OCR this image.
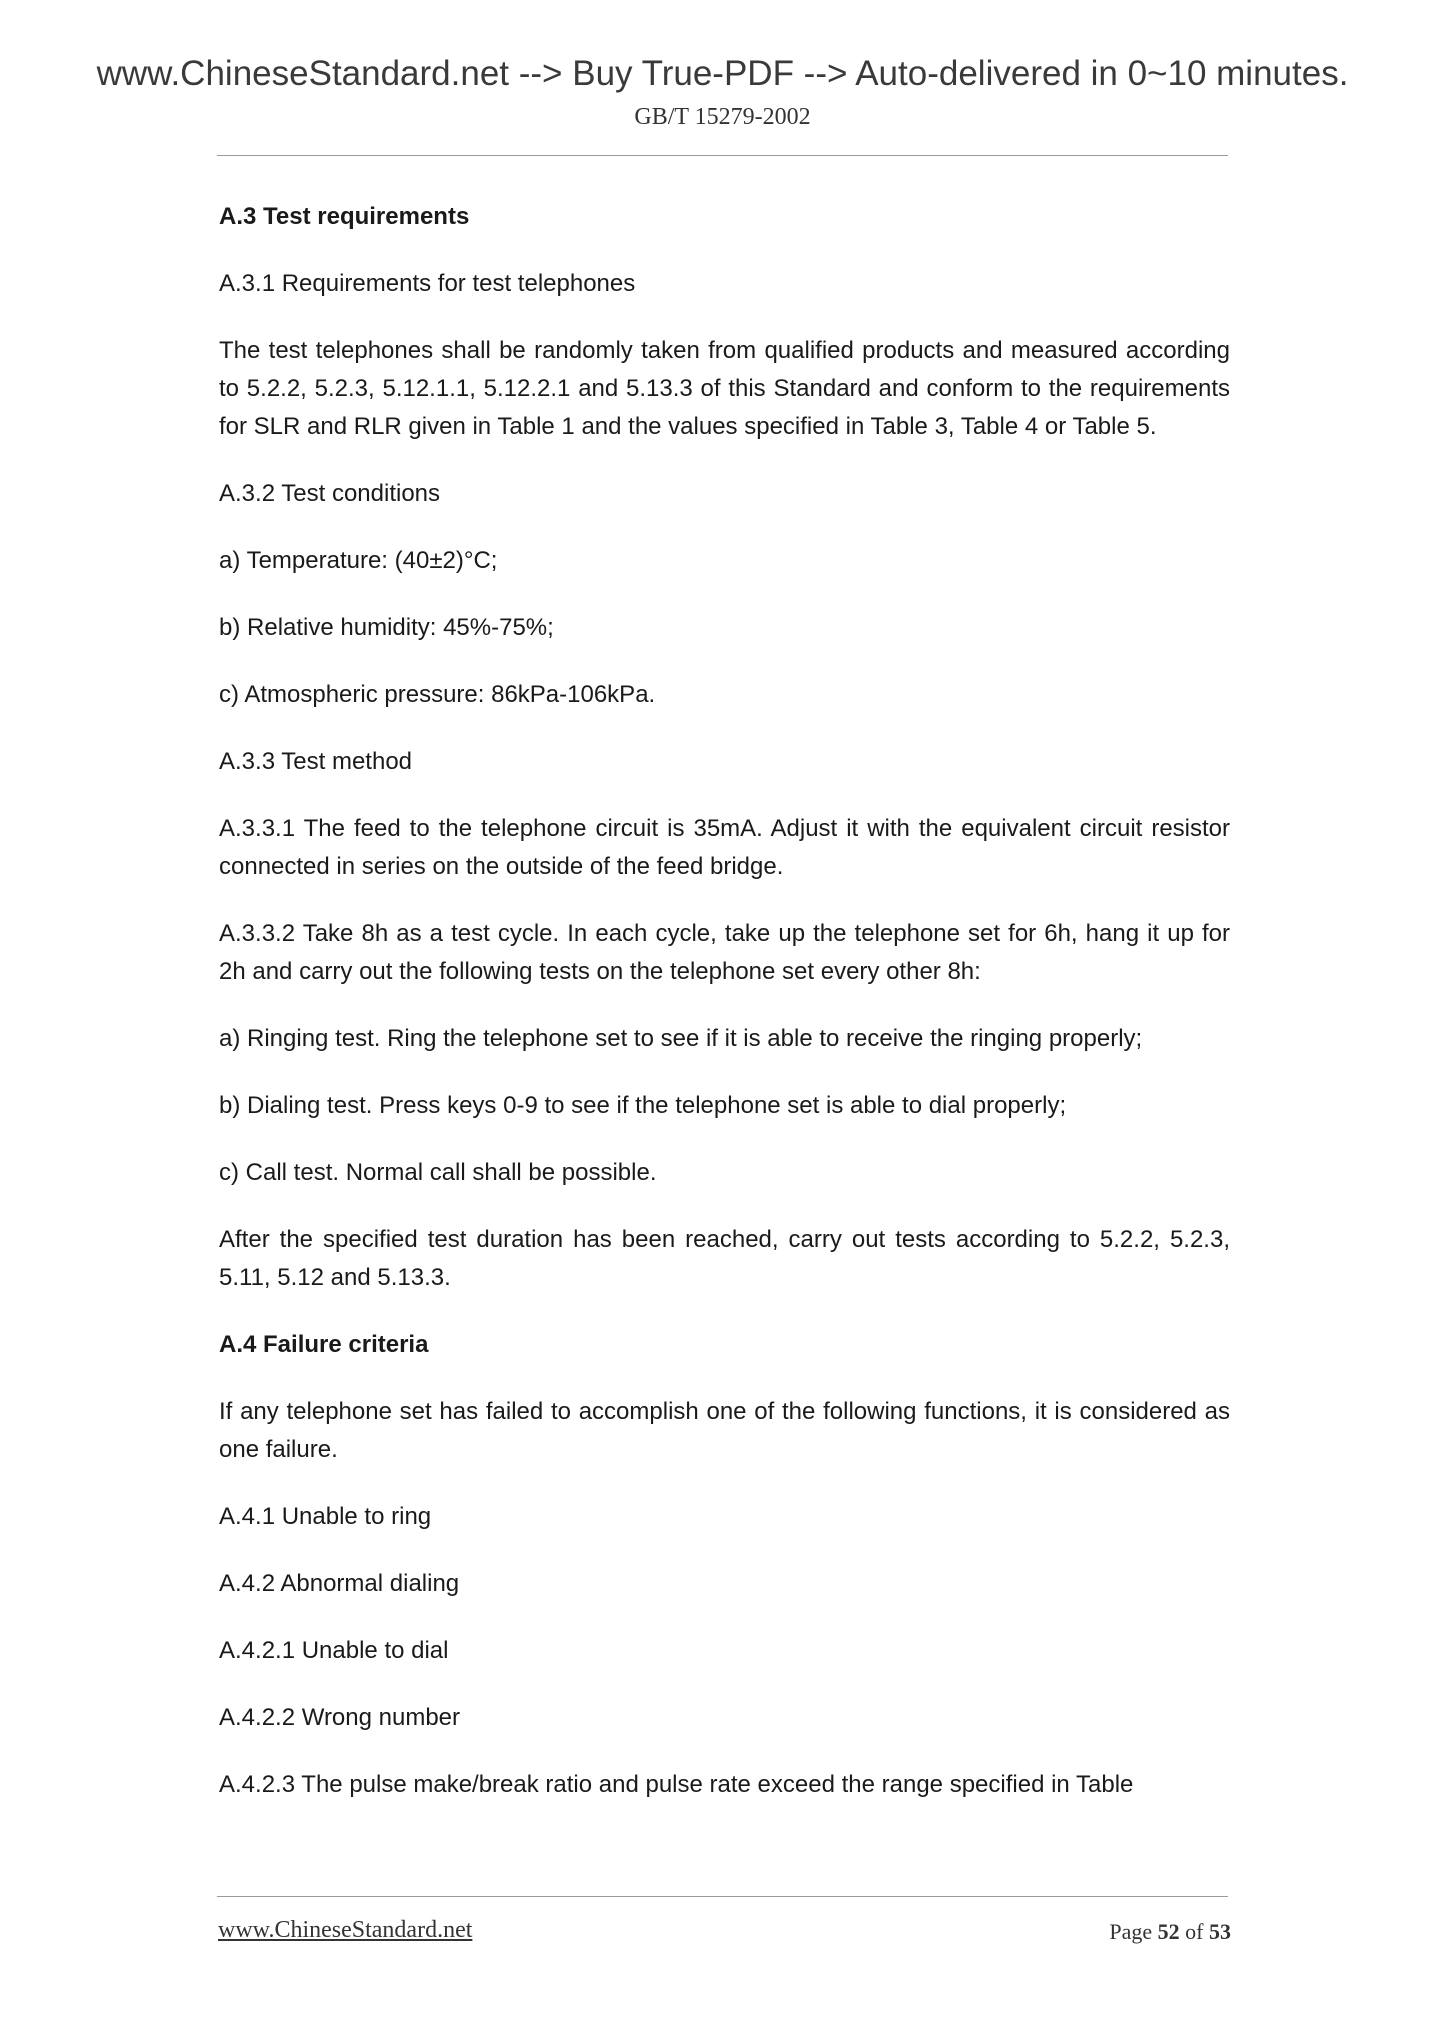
www.ChineseStandard.net --> Buy True-PDF --> Auto-delivered in 0~10 minutes.
GB/T 15279-2002

A.3 Test requirements

A.3.1 Requirements for test telephones

The test telephones shall be randomly taken from qualified products and measured according to 5.2.2, 5.2.3, 5.12.1.1, 5.12.2.1 and 5.13.3 of this Standard and conform to the requirements for SLR and RLR given in Table 1 and the values specified in Table 3, Table 4 or Table 5.

A.3.2 Test conditions

a) Temperature: (40±2)°C;

b) Relative humidity: 45%-75%;

c) Atmospheric pressure: 86kPa-106kPa.

A.3.3 Test method

A.3.3.1 The feed to the telephone circuit is 35mA. Adjust it with the equivalent circuit resistor connected in series on the outside of the feed bridge.

A.3.3.2 Take 8h as a test cycle. In each cycle, take up the telephone set for 6h, hang it up for 2h and carry out the following tests on the telephone set every other 8h:

a) Ringing test. Ring the telephone set to see if it is able to receive the ringing properly;

b) Dialing test. Press keys 0-9 to see if the telephone set is able to dial properly;

c) Call test. Normal call shall be possible.

After the specified test duration has been reached, carry out tests according to 5.2.2, 5.2.3, 5.11, 5.12 and 5.13.3.

A.4 Failure criteria

If any telephone set has failed to accomplish one of the following functions, it is considered as one failure.

A.4.1 Unable to ring

A.4.2 Abnormal dialing

A.4.2.1 Unable to dial

A.4.2.2 Wrong number

A.4.2.3 The pulse make/break ratio and pulse rate exceed the range specified in Table

www.ChineseStandard.net	Page 52 of 53
